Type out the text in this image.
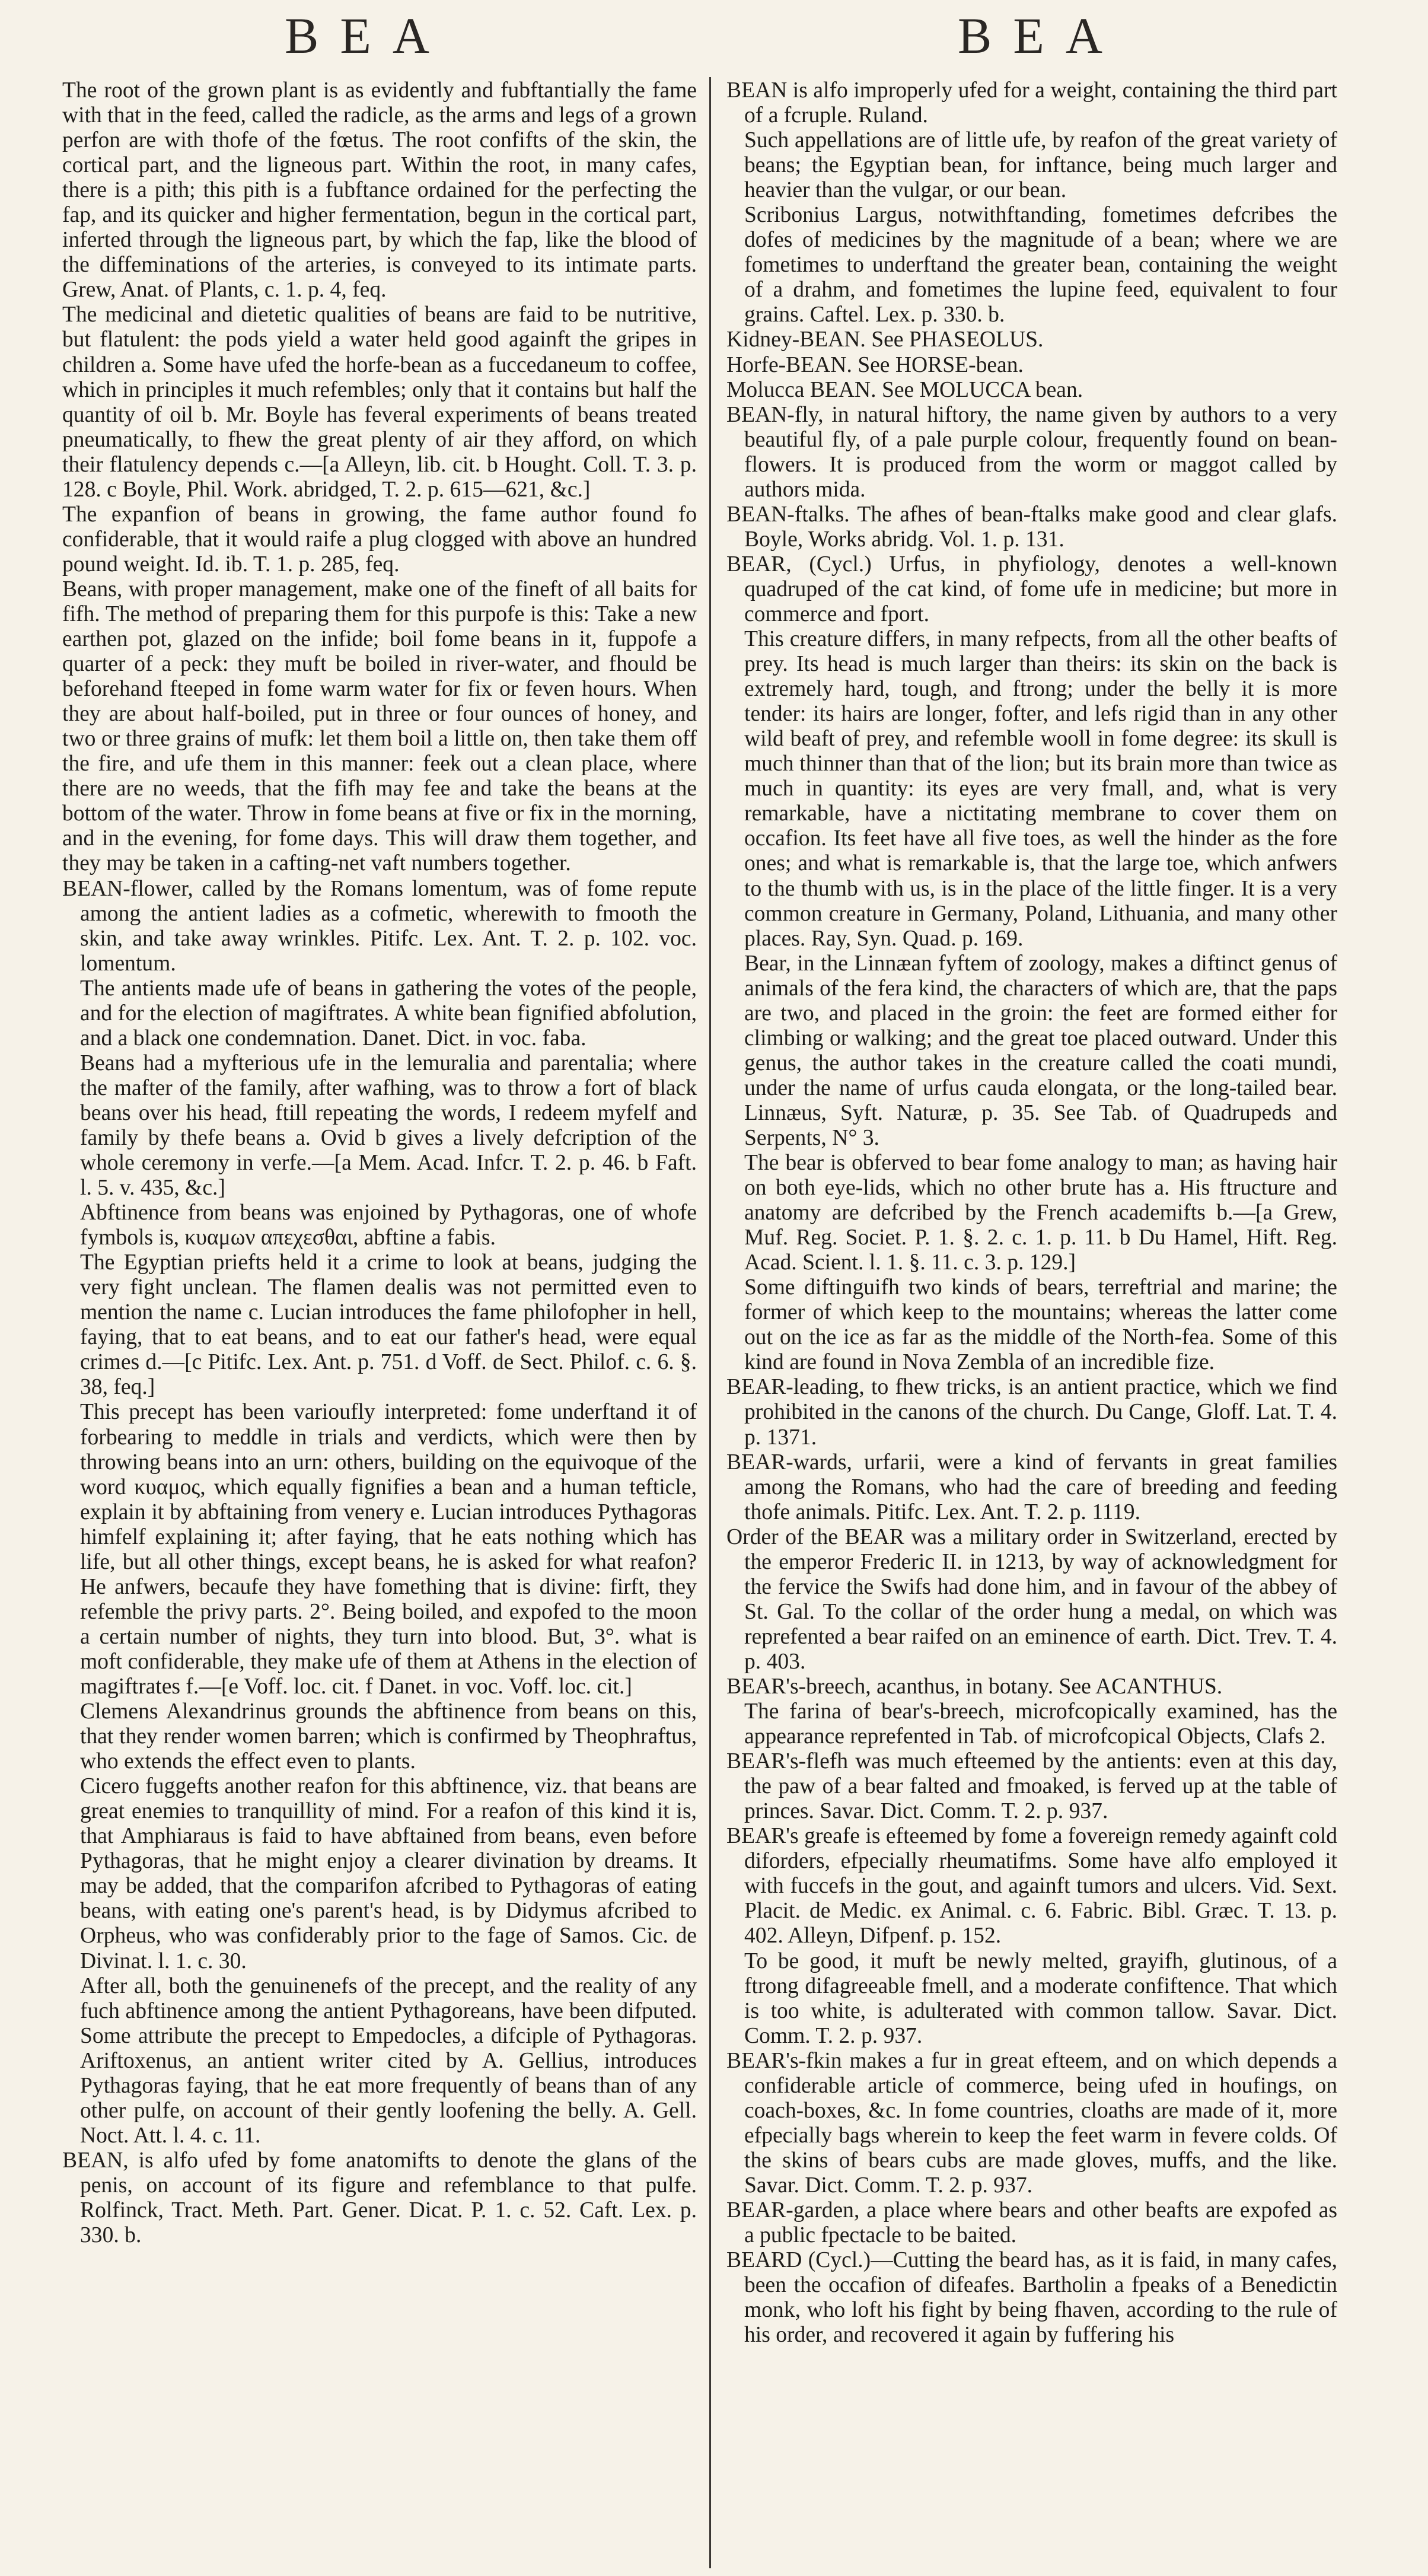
BEA	BEA

The root of the grown plant is as evidently and fubftantially the fame with that in the feed, called the radicle, as the arms and legs of a grown perfon are with thofe of the fœtus. The root confifts of the skin, the cortical part, and the ligneous part. Within the root, in many cafes, there is a pith; this pith is a fubftance ordained for the perfecting the fap, and its quicker and higher fermentation, begun in the cortical part, inferted through the ligneous part, by which the fap, like the blood of the diffeminations of the arteries, is conveyed to its intimate parts. Grew, Anat. of Plants, c. 1. p. 4, feq.

The medicinal and dietetic qualities of beans are faid to be nutritive, but flatulent: the pods yield a water held good againft the gripes in children a. Some have ufed the horfe-bean as a fuccedaneum to coffee, which in principles it much refembles; only that it contains but half the quantity of oil b. Mr. Boyle has feveral experiments of beans treated pneumatically, to fhew the great plenty of air they afford, on which their flatulency depends c.—[a Alleyn, lib. cit. b Hought. Coll. T. 3. p. 128. c Boyle, Phil. Work. abridged, T. 2. p. 615—621, &c.]

The expanfion of beans in growing, the fame author found fo confiderable, that it would raife a plug clogged with above an hundred pound weight. Id. ib. T. 1. p. 285, feq.

Beans, with proper management, make one of the fineft of all baits for fifh. The method of preparing them for this purpofe is this: Take a new earthen pot, glazed on the infide; boil fome beans in it, fuppofe a quarter of a peck: they muft be boiled in river-water, and fhould be beforehand fteeped in fome warm water for fix or feven hours. When they are about half-boiled, put in three or four ounces of honey, and two or three grains of mufk: let them boil a little on, then take them off the fire, and ufe them in this manner: feek out a clean place, where there are no weeds, that the fifh may fee and take the beans at the bottom of the water. Throw in fome beans at five or fix in the morning, and in the evening, for fome days. This will draw them together, and they may be taken in a cafting-net vaft numbers together.

BEAN-flower, called by the Romans lomentum, was of fome repute among the antient ladies as a cofmetic, wherewith to fmooth the skin, and take away wrinkles. Pitifc. Lex. Ant. T. 2. p. 102. voc. lomentum.

The antients made ufe of beans in gathering the votes of the people, and for the election of magiftrates. A white bean fignified abfolution, and a black one condemnation. Danet. Dict. in voc. faba.

Beans had a myfterious ufe in the lemuralia and parentalia; where the mafter of the family, after wafhing, was to throw a fort of black beans over his head, ftill repeating the words, I redeem myfelf and family by thefe beans a. Ovid b gives a lively defcription of the whole ceremony in verfe.—[a Mem. Acad. Infcr. T. 2. p. 46. b Faft. l. 5. v. 435, &c.]

Abftinence from beans was enjoined by Pythagoras, one of whofe fymbols is, κυαμων απεχεσθαι, abftine a fabis.

The Egyptian priefts held it a crime to look at beans, judging the very fight unclean. The flamen dealis was not permitted even to mention the name c. Lucian introduces the fame philofopher in hell, faying, that to eat beans, and to eat our father's head, were equal crimes d.—[c Pitifc. Lex. Ant. p. 751. d Voff. de Sect. Philof. c. 6. §. 38, feq.]

This precept has been varioufly interpreted: fome underftand it of forbearing to meddle in trials and verdicts, which were then by throwing beans into an urn: others, building on the equivoque of the word κυαμος, which equally fignifies a bean and a human tefticle, explain it by abftaining from venery e. Lucian introduces Pythagoras himfelf explaining it; after faying, that he eats nothing which has life, but all other things, except beans, he is asked for what reafon? He anfwers, becaufe they have fomething that is divine: firft, they refemble the privy parts. 2°. Being boiled, and expofed to the moon a certain number of nights, they turn into blood. But, 3°. what is moft confiderable, they make ufe of them at Athens in the election of magiftrates f.—[e Voff. loc. cit. f Danet. in voc. Voff. loc. cit.]

Clemens Alexandrinus grounds the abftinence from beans on this, that they render women barren; which is confirmed by Theophraftus, who extends the effect even to plants.

Cicero fuggefts another reafon for this abftinence, viz. that beans are great enemies to tranquillity of mind. For a reafon of this kind it is, that Amphiaraus is faid to have abftained from beans, even before Pythagoras, that he might enjoy a clearer divination by dreams. It may be added, that the comparifon afcribed to Pythagoras of eating beans, with eating one's parent's head, is by Didymus afcribed to Orpheus, who was confiderably prior to the fage of Samos. Cic. de Divinat. l. 1. c. 30.

After all, both the genuinenefs of the precept, and the reality of any fuch abftinence among the antient Pythagoreans, have been difputed. Some attribute the precept to Empedocles, a difciple of Pythagoras. Ariftoxenus, an antient writer cited by A. Gellius, introduces Pythagoras faying, that he eat more frequently of beans than of any other pulfe, on account of their gently loofening the belly. A. Gell. Noct. Att. l. 4. c. 11.

BEAN, is alfo ufed by fome anatomifts to denote the glans of the penis, on account of its figure and refemblance to that pulfe. Rolfinck, Tract. Meth. Part. Gener. Dicat. P. 1. c. 52. Caft. Lex. p. 330. b.

BEAN is alfo improperly ufed for a weight, containing the third part of a fcruple. Ruland.

Such appellations are of little ufe, by reafon of the great variety of beans; the Egyptian bean, for inftance, being much larger and heavier than the vulgar, or our bean.

Scribonius Largus, notwithftanding, fometimes defcribes the dofes of medicines by the magnitude of a bean; where we are fometimes to underftand the greater bean, containing the weight of a drahm, and fometimes the lupine feed, equivalent to four grains. Caftel. Lex. p. 330. b.

Kidney-BEAN. See PHASEOLUS.

Horfe-BEAN. See HORSE-bean.

Molucca BEAN. See MOLUCCA bean.

BEAN-fly, in natural hiftory, the name given by authors to a very beautiful fly, of a pale purple colour, frequently found on bean-flowers. It is produced from the worm or maggot called by authors mida.

BEAN-ftalks. The afhes of bean-ftalks make good and clear glafs. Boyle, Works abridg. Vol. 1. p. 131.

BEAR, (Cycl.) Urfus, in phyfiology, denotes a well-known quadruped of the cat kind, of fome ufe in medicine; but more in commerce and fport.

This creature differs, in many refpects, from all the other beafts of prey. Its head is much larger than theirs: its skin on the back is extremely hard, tough, and ftrong; under the belly it is more tender: its hairs are longer, fofter, and lefs rigid than in any other wild beaft of prey, and refemble wooll in fome degree: its skull is much thinner than that of the lion; but its brain more than twice as much in quantity: its eyes are very fmall, and, what is very remarkable, have a nictitating membrane to cover them on occafion. Its feet have all five toes, as well the hinder as the fore ones; and what is remarkable is, that the large toe, which anfwers to the thumb with us, is in the place of the little finger. It is a very common creature in Germany, Poland, Lithuania, and many other places. Ray, Syn. Quad. p. 169.

Bear, in the Linnæan fyftem of zoology, makes a diftinct genus of animals of the fera kind, the characters of which are, that the paps are two, and placed in the groin: the feet are formed either for climbing or walking; and the great toe placed outward. Under this genus, the author takes in the creature called the coati mundi, under the name of urfus cauda elongata, or the long-tailed bear. Linnæus, Syft. Naturæ, p. 35. See Tab. of Quadrupeds and Serpents, N° 3.

The bear is obferved to bear fome analogy to man; as having hair on both eye-lids, which no other brute has a. His ftructure and anatomy are defcribed by the French academifts b.—[a Grew, Muf. Reg. Societ. P. 1. §. 2. c. 1. p. 11. b Du Hamel, Hift. Reg. Acad. Scient. l. 1. §. 11. c. 3. p. 129.]

Some diftinguifh two kinds of bears, terreftrial and marine; the former of which keep to the mountains; whereas the latter come out on the ice as far as the middle of the North-fea. Some of this kind are found in Nova Zembla of an incredible fize.

BEAR-leading, to fhew tricks, is an antient practice, which we find prohibited in the canons of the church. Du Cange, Gloff. Lat. T. 4. p. 1371.

BEAR-wards, urfarii, were a kind of fervants in great families among the Romans, who had the care of breeding and feeding thofe animals. Pitifc. Lex. Ant. T. 2. p. 1119.

Order of the BEAR was a military order in Switzerland, erected by the emperor Frederic II. in 1213, by way of acknowledgment for the fervice the Swifs had done him, and in favour of the abbey of St. Gal. To the collar of the order hung a medal, on which was reprefented a bear raifed on an eminence of earth. Dict. Trev. T. 4. p. 403.

BEAR's-breech, acanthus, in botany. See ACANTHUS.

The farina of bear's-breech, microfcopically examined, has the appearance reprefented in Tab. of microfcopical Objects, Clafs 2.

BEAR's-flefh was much efteemed by the antients: even at this day, the paw of a bear falted and fmoaked, is ferved up at the table of princes. Savar. Dict. Comm. T. 2. p. 937.

BEAR's greafe is efteemed by fome a fovereign remedy againft cold diforders, efpecially rheumatifms. Some have alfo employed it with fuccefs in the gout, and againft tumors and ulcers. Vid. Sext. Placit. de Medic. ex Animal. c. 6. Fabric. Bibl. Græc. T. 13. p. 402. Alleyn, Difpenf. p. 152.

To be good, it muft be newly melted, grayifh, glutinous, of a ftrong difagreeable fmell, and a moderate confiftence. That which is too white, is adulterated with common tallow. Savar. Dict. Comm. T. 2. p. 937.

BEAR's-fkin makes a fur in great efteem, and on which depends a confiderable article of commerce, being ufed in houfings, on coach-boxes, &c. In fome countries, cloaths are made of it, more efpecially bags wherein to keep the feet warm in fevere colds. Of the skins of bears cubs are made gloves, muffs, and the like. Savar. Dict. Comm. T. 2. p. 937.

BEAR-garden, a place where bears and other beafts are expofed as a public fpectacle to be baited.

BEARD (Cycl.)—Cutting the beard has, as it is faid, in many cafes, been the occafion of difeafes. Bartholin a fpeaks of a Benedictin monk, who loft his fight by being fhaven, according to the rule of his order, and recovered it again by fuffering his
